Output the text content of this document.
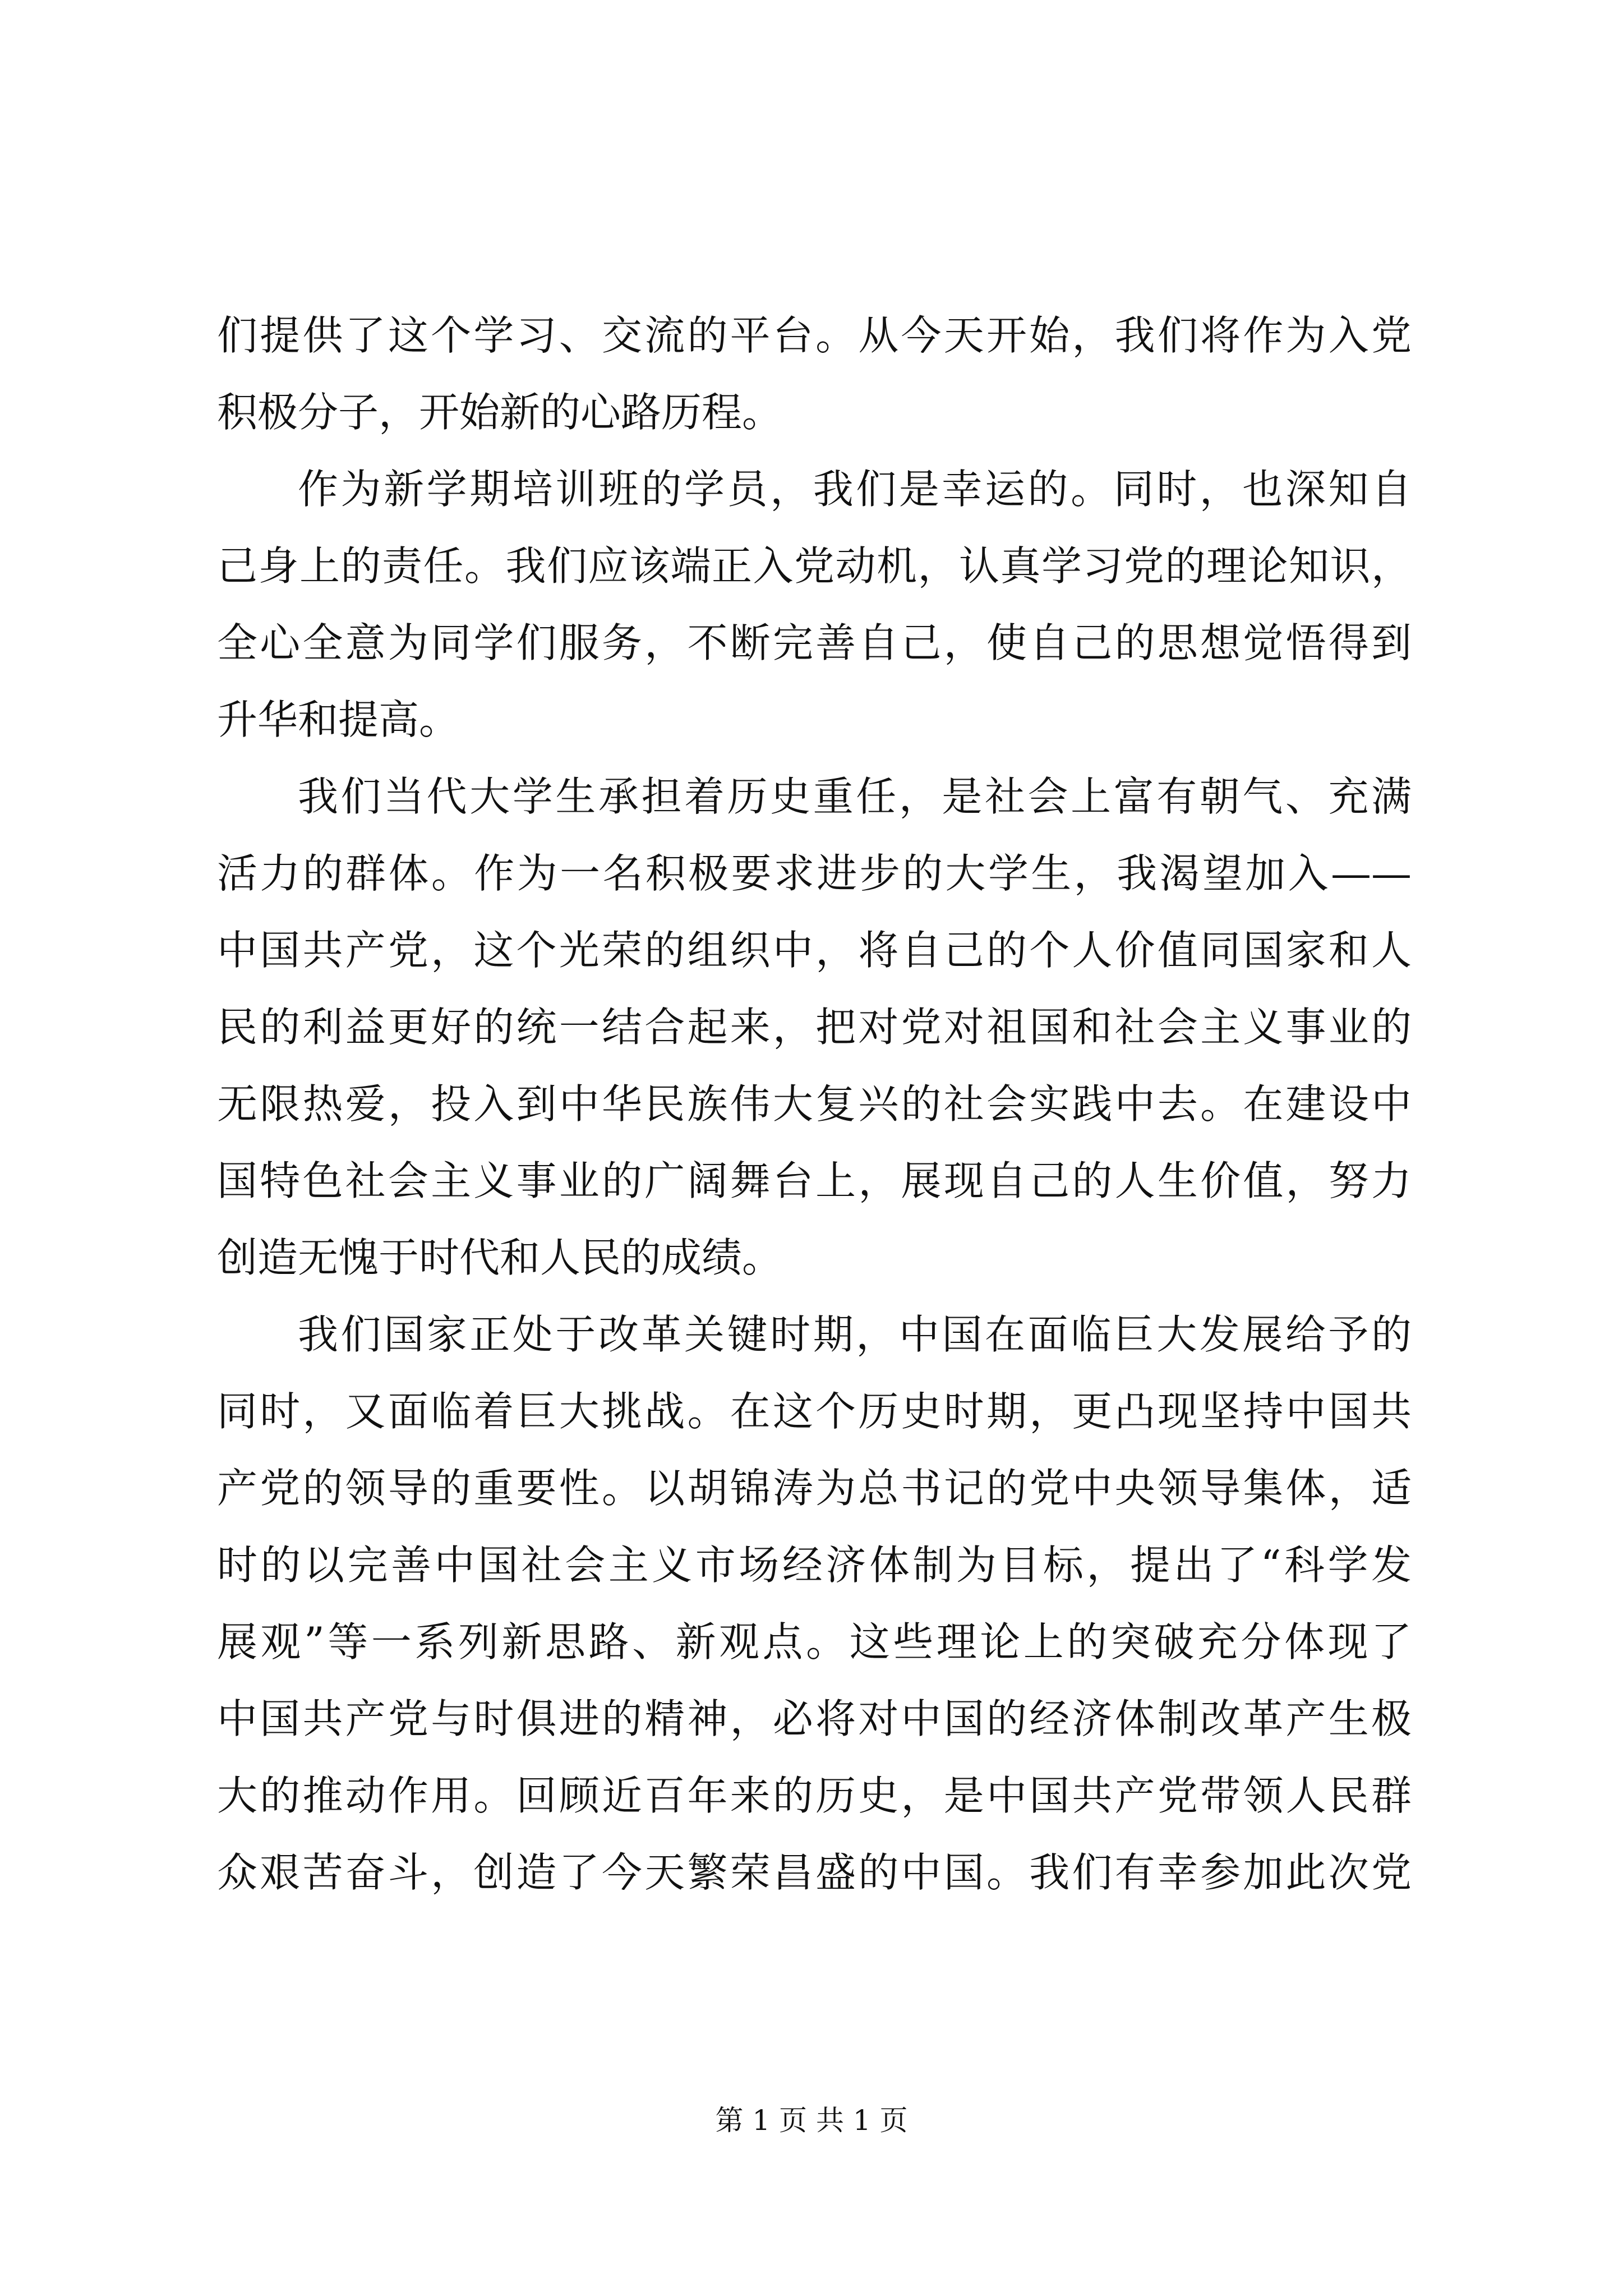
们提供了这个学习、交流的平台。从今天开始，我们将作为入党
积极分子，开始新的心路历程。
作为新学期培训班的学员，我们是幸运的。同时，也深知自
己身上的责任。我们应该端正入党动机，认真学习党的理论知识，
全心全意为同学们服务，不断完善自己，使自己的思想觉悟得到
升华和提高。
我们当代大学生承担着历史重任，是社会上富有朝气、充满
活力的群体。作为一名积极要求进步的大学生，我渴望加入——
中国共产党，这个光荣的组织中，将自己的个人价值同国家和人
民的利益更好的统一结合起来，把对党对祖国和社会主义事业的
无限热爱，投入到中华民族伟大复兴的社会实践中去。在建设中
国特色社会主义事业的广阔舞台上，展现自己的人生价值，努力
创造无愧于时代和人民的成绩。
我们国家正处于改革关键时期，中国在面临巨大发展给予的
同时，又面临着巨大挑战。在这个历史时期，更凸现坚持中国共
产党的领导的重要性。以胡锦涛为总书记的党中央领导集体，适
时的以完善中国社会主义市场经济体制为目标，提出了“科学发
展观”等一系列新思路、新观点。这些理论上的突破充分体现了
中国共产党与时俱进的精神，必将对中国的经济体制改革产生极
大的推动作用。回顾近百年来的历史，是中国共产党带领人民群
众艰苦奋斗，创造了今天繁荣昌盛的中国。我们有幸参加此次党
第 1 页 共 1 页
